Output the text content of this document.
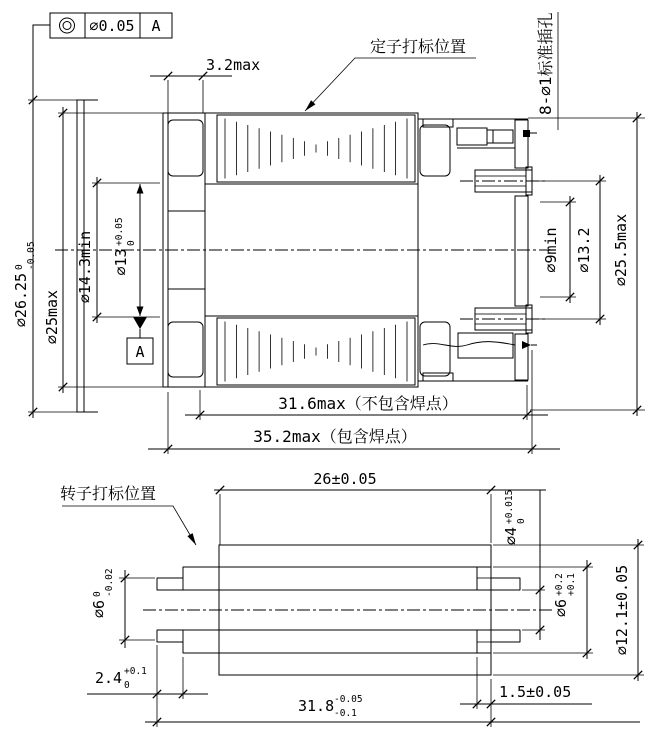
⌀0.05 A
⌀26.25
0 -0.05
⌀25max
⌀14.3min ⌀13
+0.05 0
A
3.2max
定子打标位置	8-⌀1标准插孔
⌀9min ⌀13.2 ⌀25.5max
31.6max（不包含焊点）
35.2max（包含焊点）
转子打标位置
26±0.05
⌀4
+0.015 0
⌀6
0 -0.02
⌀6
+0.2 +0.1 ⌀12.1±0.05
2.4 +0.1
0	1.5±0.05
31.8 -0.05
-0.1
